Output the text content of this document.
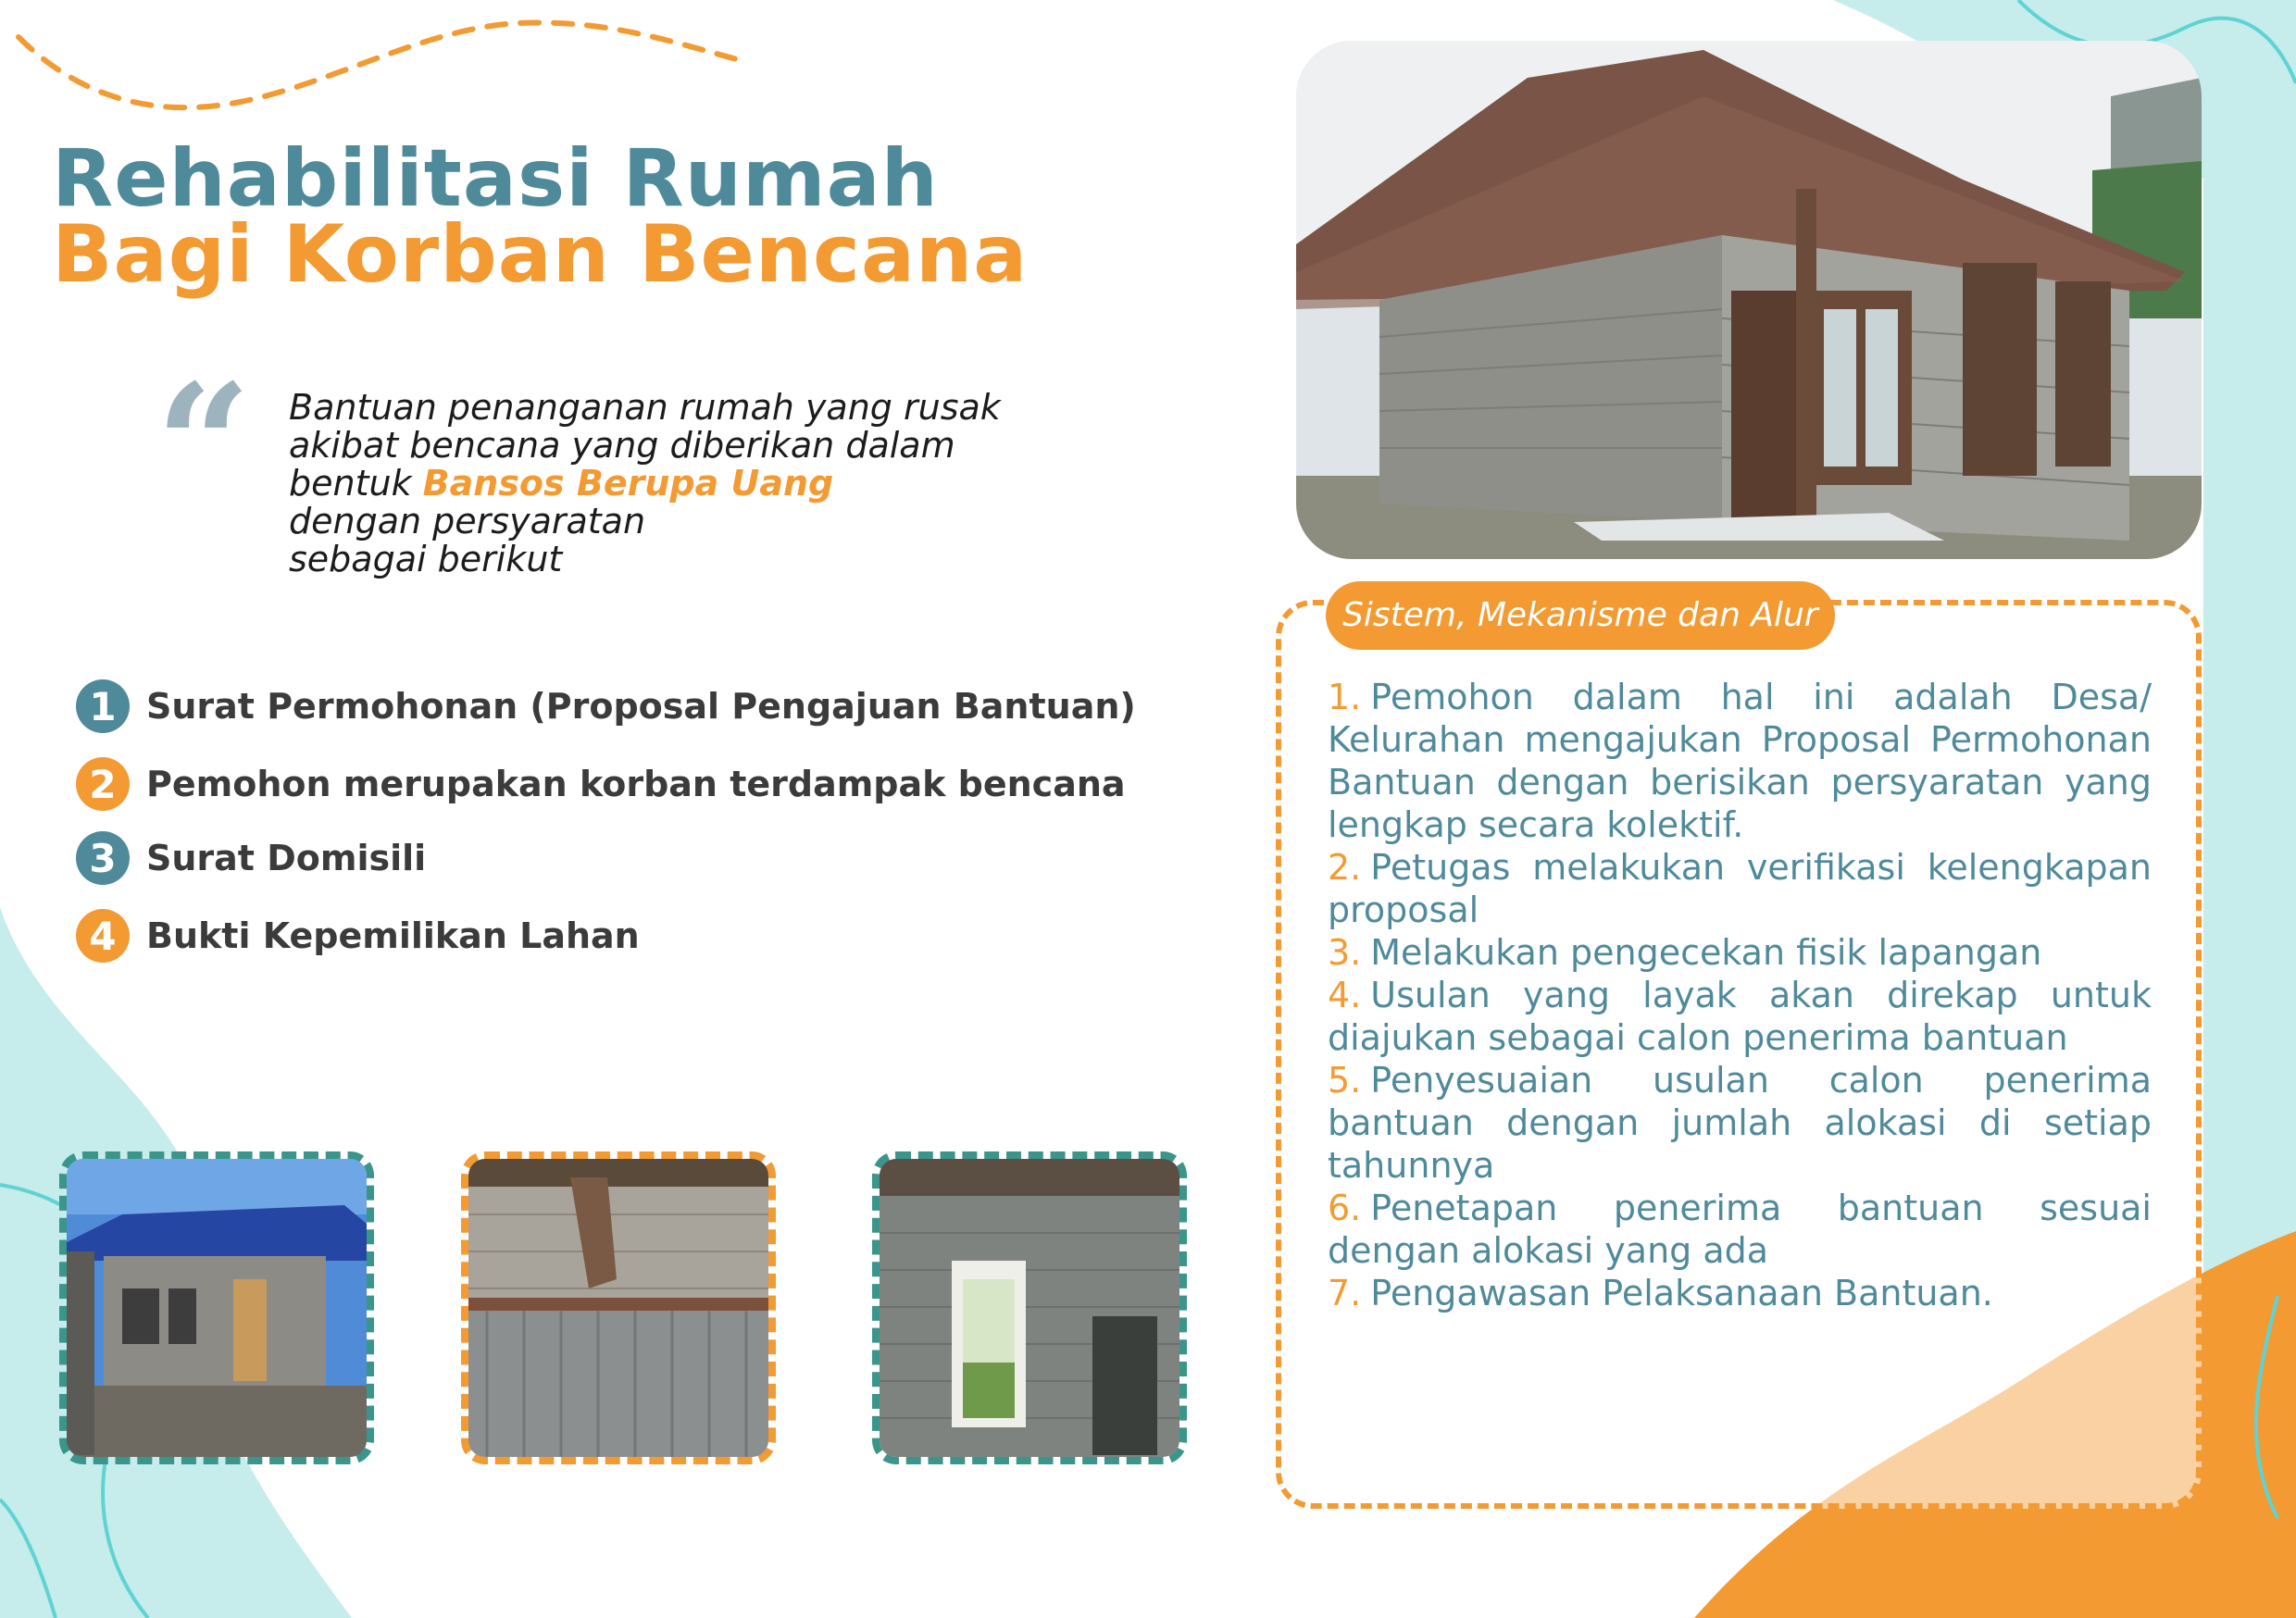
Rehabilitasi Rumah
Bagi Korban Bencana
“ Bantuan penanganan rumah yang rusak
akibat bencana yang diberikan dalam
bentuk Bansos Berupa Uang
dengan persyaratan
sebagai berikut
1 Surat Permohonan (Proposal Pengajuan Bantuan)
2 Pemohon merupakan korban terdampak bencana
3 Surat Domisili
4 Bukti Kepemilikan Lahan
Sistem, Mekanisme dan Alur
1. Pemohon dalam hal ini adalah Desa/ Kelurahan mengajukan Proposal Permohonan Bantuan dengan berisikan persyaratan yang lengkap secara kolektif.
2. Petugas melakukan verifikasi kelengkapan proposal
3. Melakukan pengecekan fisik lapangan
4. Usulan yang layak akan direkap untuk diajukan sebagai calon penerima bantuan
5. Penyesuaian usulan calon penerima bantuan dengan jumlah alokasi di setiap tahunnya
6. Penetapan penerima bantuan sesuai dengan alokasi yang ada
7. Pengawasan Pelaksanaan Bantuan.
